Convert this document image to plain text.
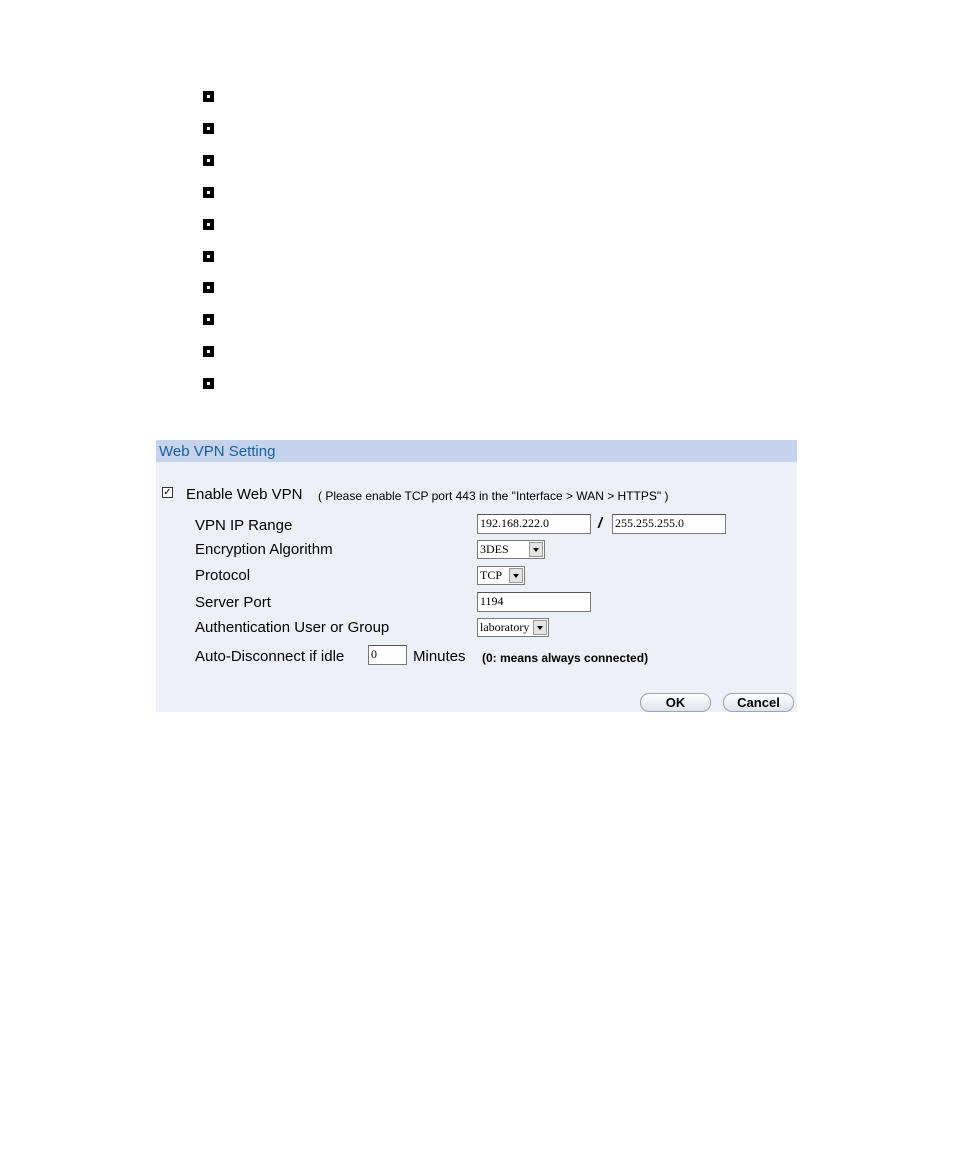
Web VPN Setting
✓ Enable Web VPN ( Please enable TCP port 443 in the "Interface > WAN > HTTPS" )
VPN IP Range	192.168.222.0	/ 255.255.255.0
Encryption Algorithm	3DES
Protocol	TCP
Server Port	1194
Authentication User or Group	laboratory
Auto-Disconnect if idle 0	Minutes (0: means always connected)
OK	Cancel
